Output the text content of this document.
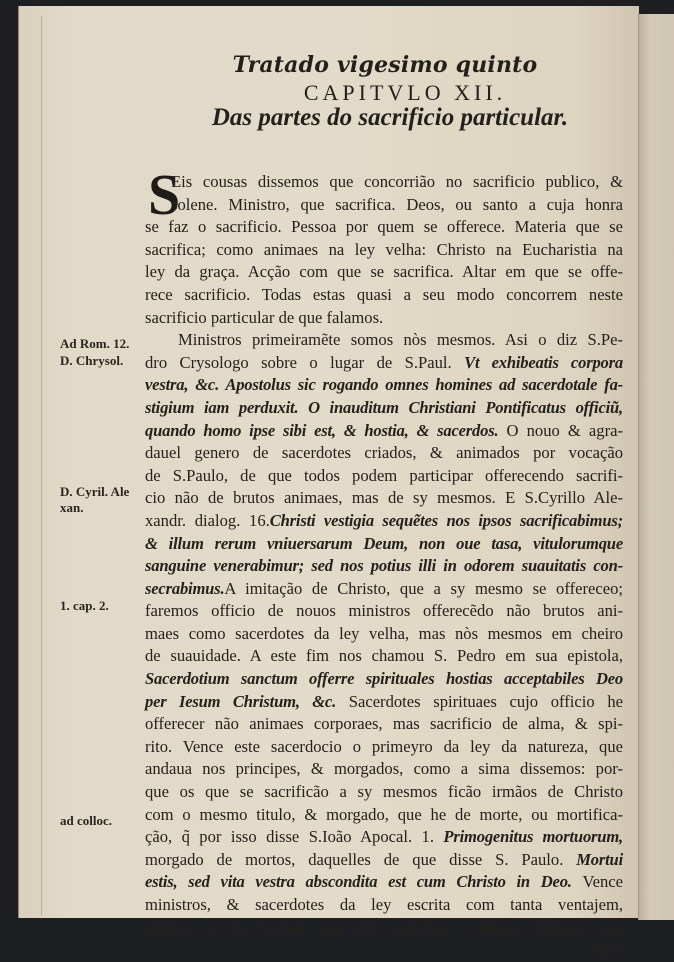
Tratado vigesimo quinto
CAPITVLO XII.
Das partes do sacrificio particular.
S
Eis cousas dissemos que concorrião no sacrificio publico, &
solene. Ministro, que sacrifica. Deos, ou santo a cuja honra
se faz o sacrificio. Pessoa por quem se offerece. Materia que se
sacrifica; como animaes na ley velha: Christo na Eucharistia na
ley da graça. Acção com que se sacrifica. Altar em que se offe-
rece sacrificio. Todas estas quasi a seu modo concorrem neste
sacrificio particular de que falamos.
Ministros primeiramẽte somos nòs mesmos. Asi o diz S.Pe-
dro Crysologo sobre o lugar de S.Paul. Vt exhibeatis corpora
vestra, &c. Apostolus sic rogando omnes homines ad sacerdotale fa-
stigium iam perduxit. O inauditum Christiani Pontificatus officiũ,
quando homo ipse sibi est, & hostia, & sacerdos. O nouo & agra-
dauel genero de sacerdotes criados, & animados por vocação
de S.Paulo, de que todos podem participar offerecendo sacrifi-
cio não de brutos animaes, mas de sy mesmos. E S.Cyrillo Ale-
xandr. dialog. 16.Christi vestigia sequẽtes nos ipsos sacrificabimus;
& illum rerum vniuersarum Deum, non oue tasa, vitulorumque
sanguine venerabimur; sed nos potius illi in odorem suauitatis con-
secrabimus.A imitação de Christo, que a sy mesmo se offereceo;
faremos officio de nouos ministros offerecẽdo não brutos ani-
maes como sacerdotes da ley velha, mas nòs mesmos em cheiro
de suauidade. A este fim nos chamou S. Pedro em sua epistola,
Sacerdotium sanctum offerre spirituales hostias acceptabiles Deo
per Iesum Christum, &c. Sacerdotes spirituaes cujo officio he
offerecer não animaes corporaes, mas sacrificio de alma, & spi-
rito. Vence este sacerdocio o primeyro da ley da natureza, que
andaua nos principes, & morgados, como a sima dissemos: por-
que os que se sacrificão a sy mesmos ficão irmãos de Christo
com o mesmo titulo, & morgado, que he de morte, ou mortifica-
ção, q̃ por isso disse S.Ioão Apocal. 1. Primogenitus mortuorum,
morgado de mortos, daquelles de que disse S. Paulo. Mortui
estis, sed vita vestra abscondita est cum Christo in Deo. Vence
ministros, & sacerdotes da ley escrita com tanta ventajem,
quanta vai de homem que elle sacrifica a brutos animaes que
elles
Ad Rom. 12.
D. Chrysol.
D. Cyril. Ale xan.
1. cap. 2.
ad colloc.
